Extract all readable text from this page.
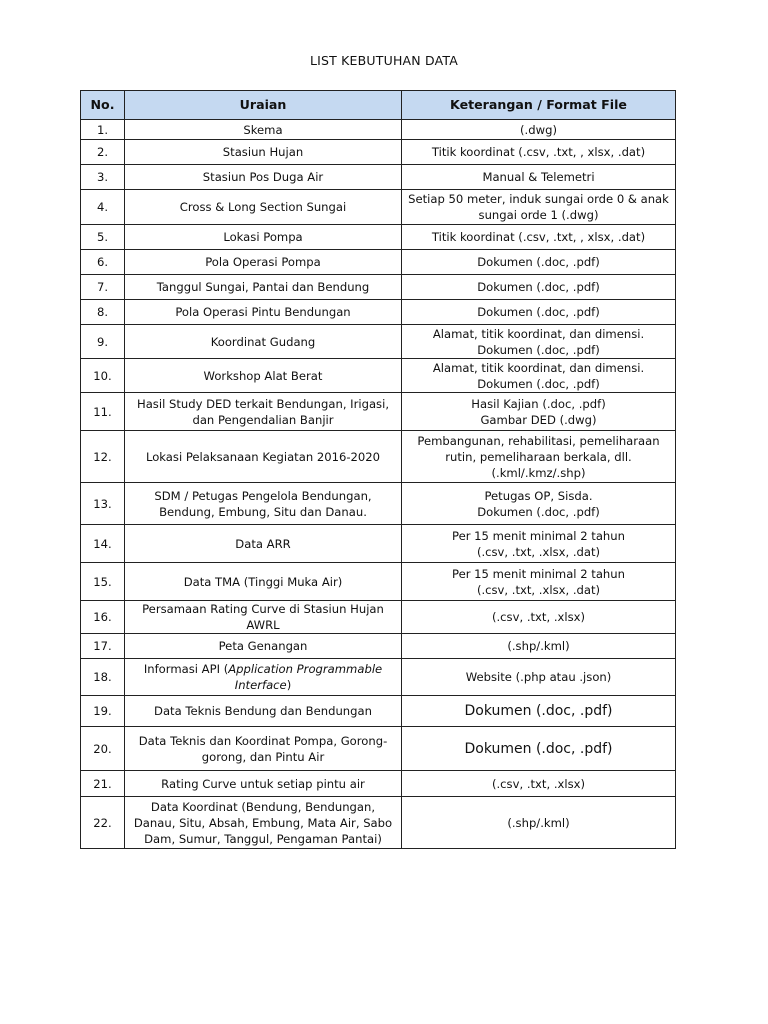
LIST KEBUTUHAN DATA
No.	Uraian	Keterangan / Format File
1.	Skema	(.dwg)

2.	Stasiun Hujan	Titik koordinat (.csv, .txt, , xlsx, .dat)

3.	Stasiun Pos Duga Air	Manual & Telemetri

4.	Cross & Long Section Sungai	Setiap 50 meter, induk sungai orde 0 & anak
sungai orde 1 (.dwg)

5.	Lokasi Pompa	Titik koordinat (.csv, .txt, , xlsx, .dat)

6.	Pola Operasi Pompa	Dokumen (.doc, .pdf)

7.	Tanggul Sungai, Pantai dan Bendung	Dokumen (.doc, .pdf)

8.	Pola Operasi Pintu Bendungan	Dokumen (.doc, .pdf)

9.	Koordinat Gudang	Alamat, titik koordinat, dan dimensi.
Dokumen (.doc, .pdf)

10.	Workshop Alat Berat	Alamat, titik koordinat, dan dimensi.
Dokumen (.doc, .pdf)

11.	Hasil Study DED terkait Bendungan, Irigasi,
dan Pengendalian Banjir	Hasil Kajian (.doc, .pdf)
Gambar DED (.dwg)

12.	Lokasi Pelaksanaan Kegiatan 2016-2020	Pembangunan, rehabilitasi, pemeliharaan
rutin, pemeliharaan berkala, dll.
(.kml/.kmz/.shp)

13.	SDM / Petugas Pengelola Bendungan,
Bendung, Embung, Situ dan Danau.	Petugas OP, Sisda.
Dokumen (.doc, .pdf)

14.	Data ARR	Per 15 menit minimal 2 tahun
(.csv, .txt, .xlsx, .dat)

15.	Data TMA (Tinggi Muka Air)	Per 15 menit minimal 2 tahun
(.csv, .txt, .xlsx, .dat)

16.	Persamaan Rating Curve di Stasiun Hujan
AWRL	(.csv, .txt, .xlsx)

17.	Peta Genangan	(.shp/.kml)

18.	Informasi API (Application Programmable
Interface)	Website (.php atau .json)

19.	Data Teknis Bendung dan Bendungan	Dokumen (.doc, .pdf)

20.	Data Teknis dan Koordinat Pompa, Gorong-
gorong, dan Pintu Air	Dokumen (.doc, .pdf)

21.	Rating Curve untuk setiap pintu air	(.csv, .txt, .xlsx)

22.	Data Koordinat (Bendung, Bendungan,
Danau, Situ, Absah, Embung, Mata Air, Sabo
Dam, Sumur, Tanggul, Pengaman Pantai)	(.shp/.kml)
